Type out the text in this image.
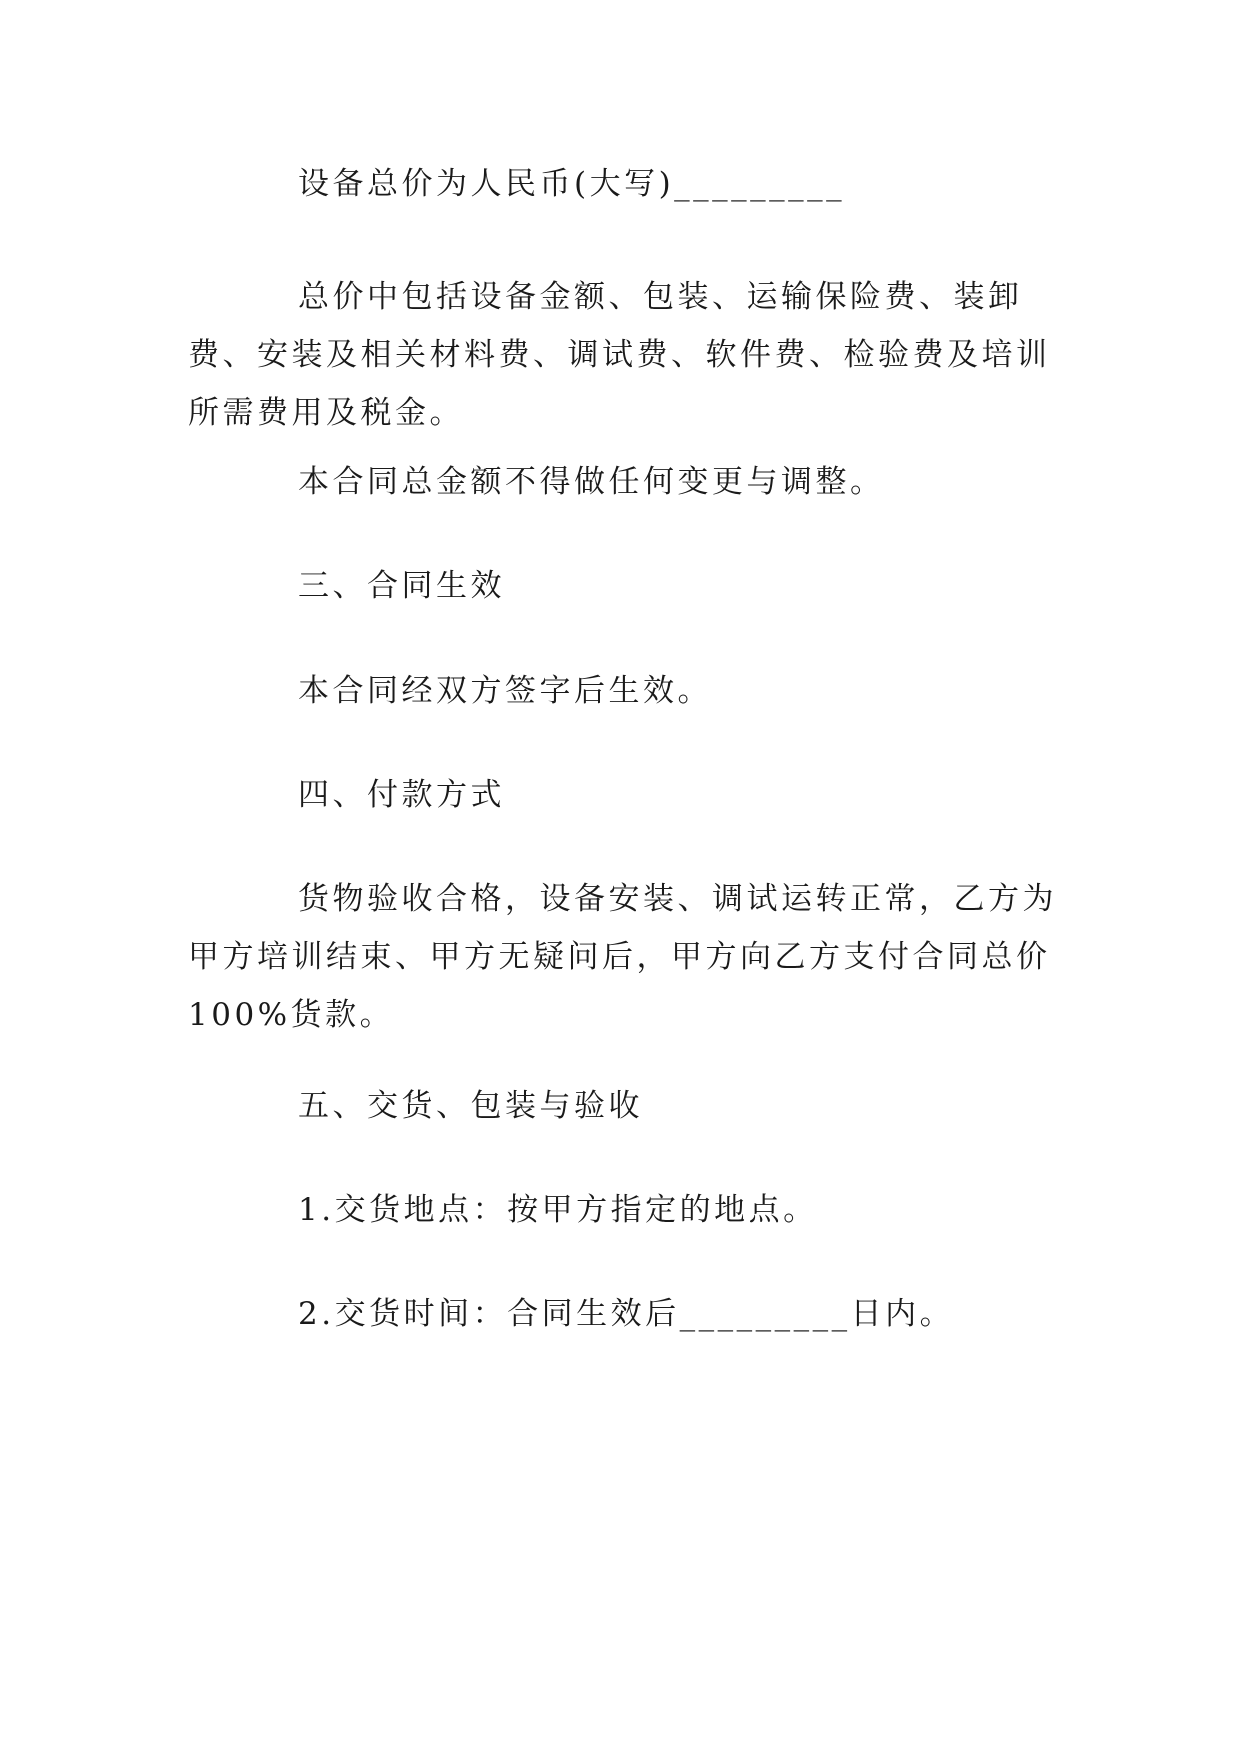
设备总价为人民币(大写)_________

总价中包括设备金额、包装、运输保险费、装卸费、安装及相关材料费、调试费、软件费、检验费及培训所需费用及税金。

本合同总金额不得做任何变更与调整。

三、合同生效

本合同经双方签字后生效。

四、付款方式

货物验收合格，设备安装、调试运转正常，乙方为甲方培训结束、甲方无疑问后，甲方向乙方支付合同总价 100%货款。

五、交货、包装与验收

1.交货地点：按甲方指定的地点。

2.交货时间：合同生效后_________日内。
